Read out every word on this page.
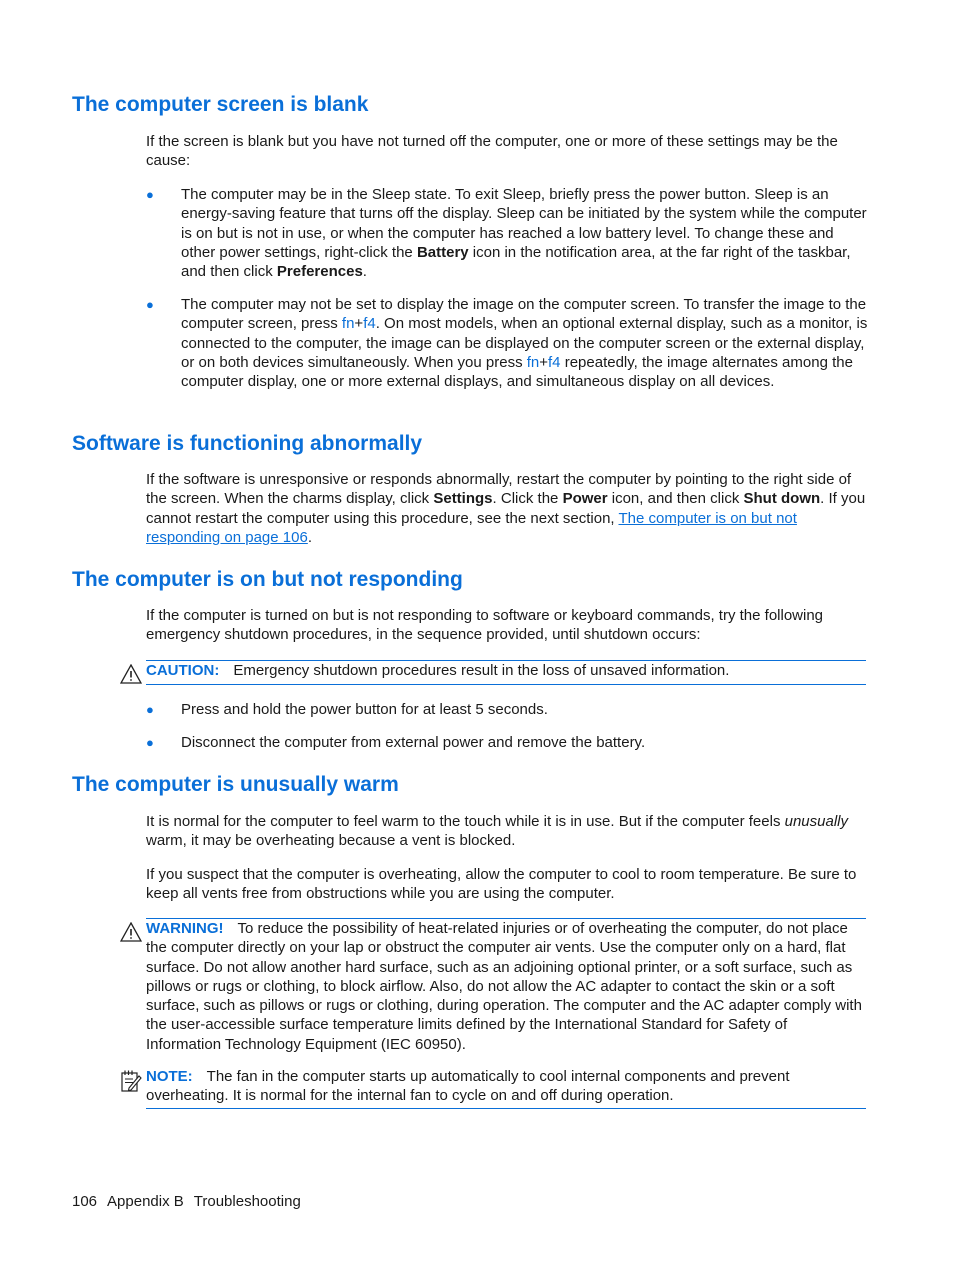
The computer screen is blank

If the screen is blank but you have not turned off the computer, one or more of these settings may be the cause:

● The computer may be in the Sleep state. To exit Sleep, briefly press the power button. Sleep is an energy-saving feature that turns off the display. Sleep can be initiated by the system while the computer is on but is not in use, or when the computer has reached a low battery level. To change these and other power settings, right-click the Battery icon in the notification area, at the far right of the taskbar, and then click Preferences.
● The computer may not be set to display the image on the computer screen. To transfer the image to the computer screen, press fn+f4. On most models, when an optional external display, such as a monitor, is connected to the computer, the image can be displayed on the computer screen or the external display, or on both devices simultaneously. When you press fn+f4 repeatedly, the image alternates among the computer display, one or more external displays, and simultaneous display on all devices.
Software is functioning abnormally

If the software is unresponsive or responds abnormally, restart the computer by pointing to the right side of the screen. When the charms display, click Settings. Click the Power icon, and then click Shut down. If you cannot restart the computer using this procedure, see the next section, The computer is on but not responding on page 106.

The computer is on but not responding

If the computer is turned on but is not responding to software or keyboard commands, try the following emergency shutdown procedures, in the sequence provided, until shutdown occurs:

CAUTION: Emergency shutdown procedures result in the loss of unsaved information.
● Press and hold the power button for at least 5 seconds.
● Disconnect the computer from external power and remove the battery.
The computer is unusually warm

It is normal for the computer to feel warm to the touch while it is in use. But if the computer feels unusually warm, it may be overheating because a vent is blocked.

If you suspect that the computer is overheating, allow the computer to cool to room temperature. Be sure to keep all vents free from obstructions while you are using the computer.

WARNING! To reduce the possibility of heat-related injuries or of overheating the computer, do not place the computer directly on your lap or obstruct the computer air vents. Use the computer only on a hard, flat surface. Do not allow another hard surface, such as an adjoining optional printer, or a soft surface, such as pillows or rugs or clothing, to block airflow. Also, do not allow the AC adapter to contact the skin or a soft surface, such as pillows or rugs or clothing, during operation. The computer and the AC adapter comply with the user-accessible surface temperature limits defined by the International Standard for Safety of Information Technology Equipment (IEC 60950).
NOTE: The fan in the computer starts up automatically to cool internal components and prevent overheating. It is normal for the internal fan to cycle on and off during operation.
106 Appendix B Troubleshooting
